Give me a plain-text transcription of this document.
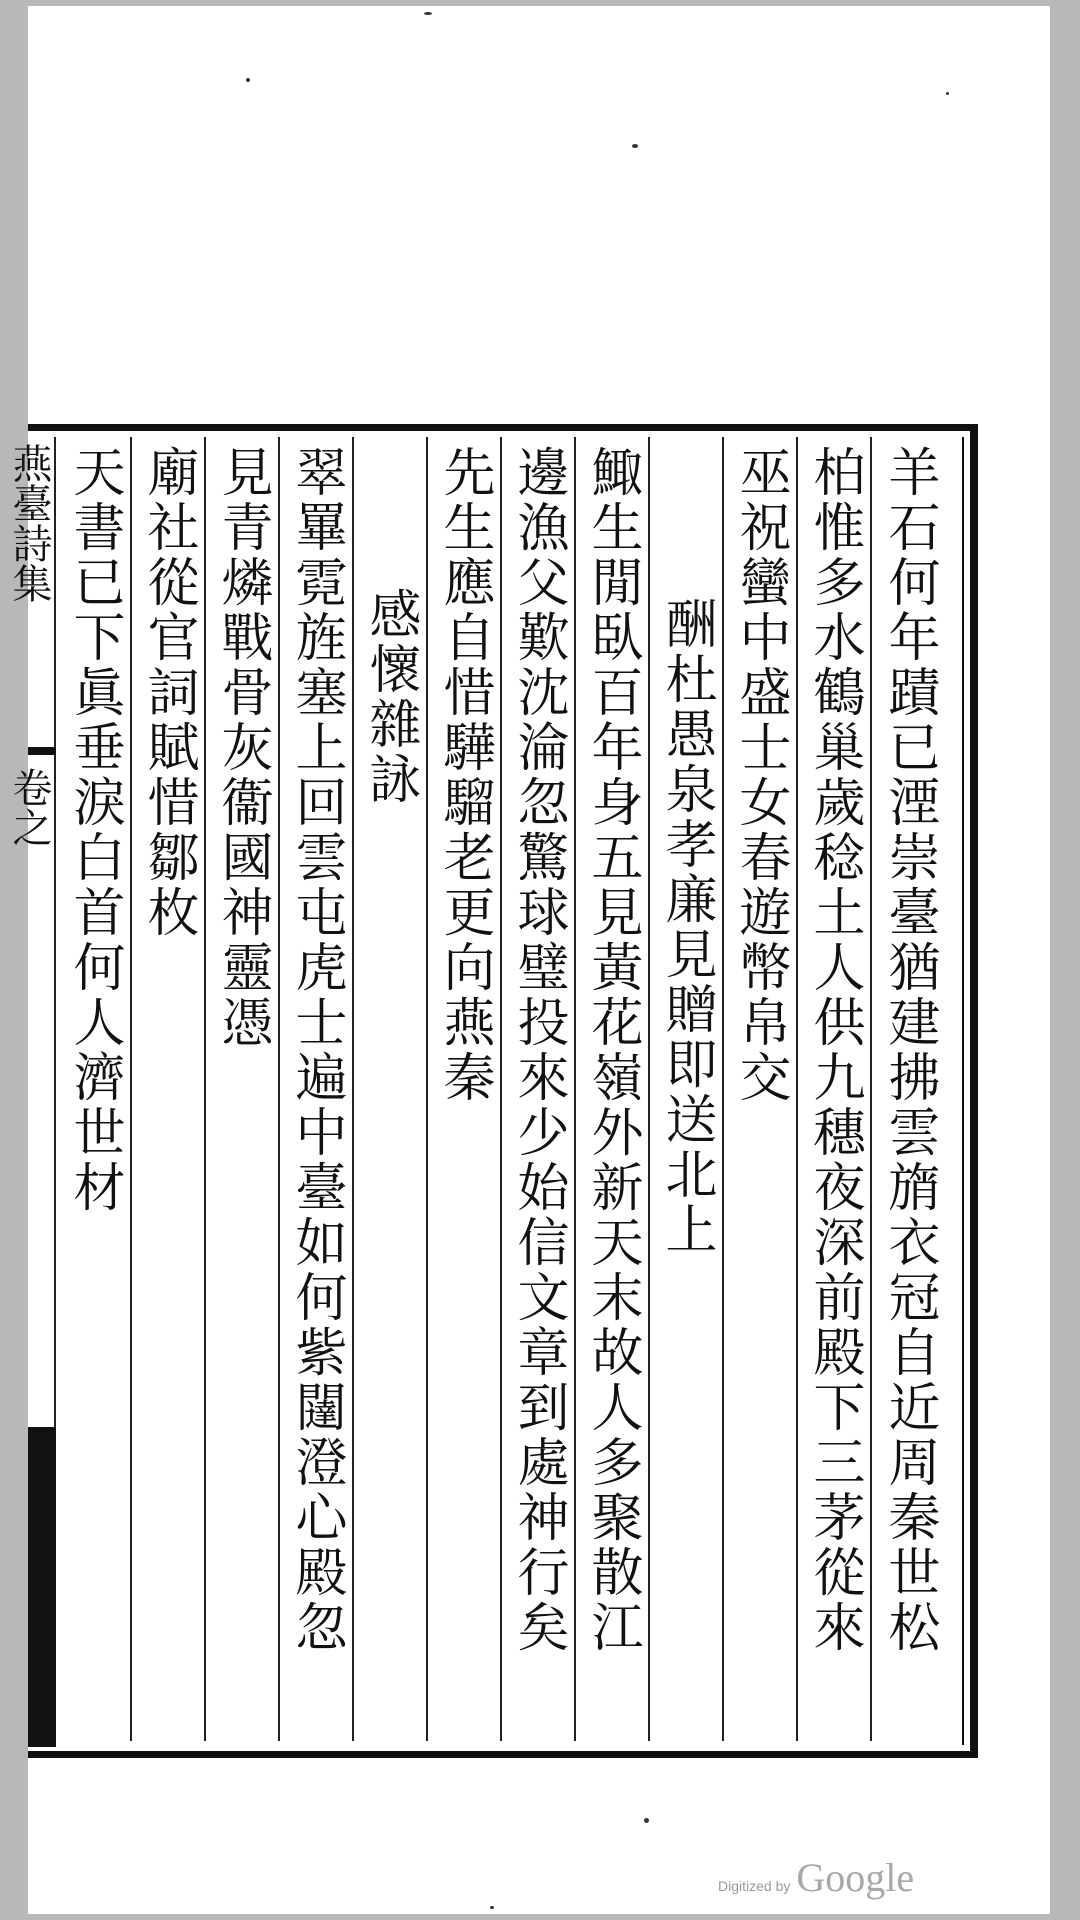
燕臺詩集
卷之 天書已下眞垂淚白首何人濟世材 廟社從官詞賦惜鄒枚 見青燐戰骨灰衞國神靈憑 翠罼霓旌塞上回雲屯虎士遍中臺如何紫闥澄心殿忽 感懷雜詠 先生應自惜驊騮老更向燕秦 邊漁父歎沈淪忽驚球璧投來少始信文章到處神行矣 鯫生閒臥百年身五見黃花嶺外新天末故人多聚散江 酬杜愚泉孝廉見贈即送北上 巫祝蠻中盛士女春遊幣帛交 柏惟多水鶴巢歲稔土人供九穗夜深前殿下三茅從來 羊石何年蹟已湮崇臺猶建拂雲旓衣冠自近周秦世松
Digitized by Google
